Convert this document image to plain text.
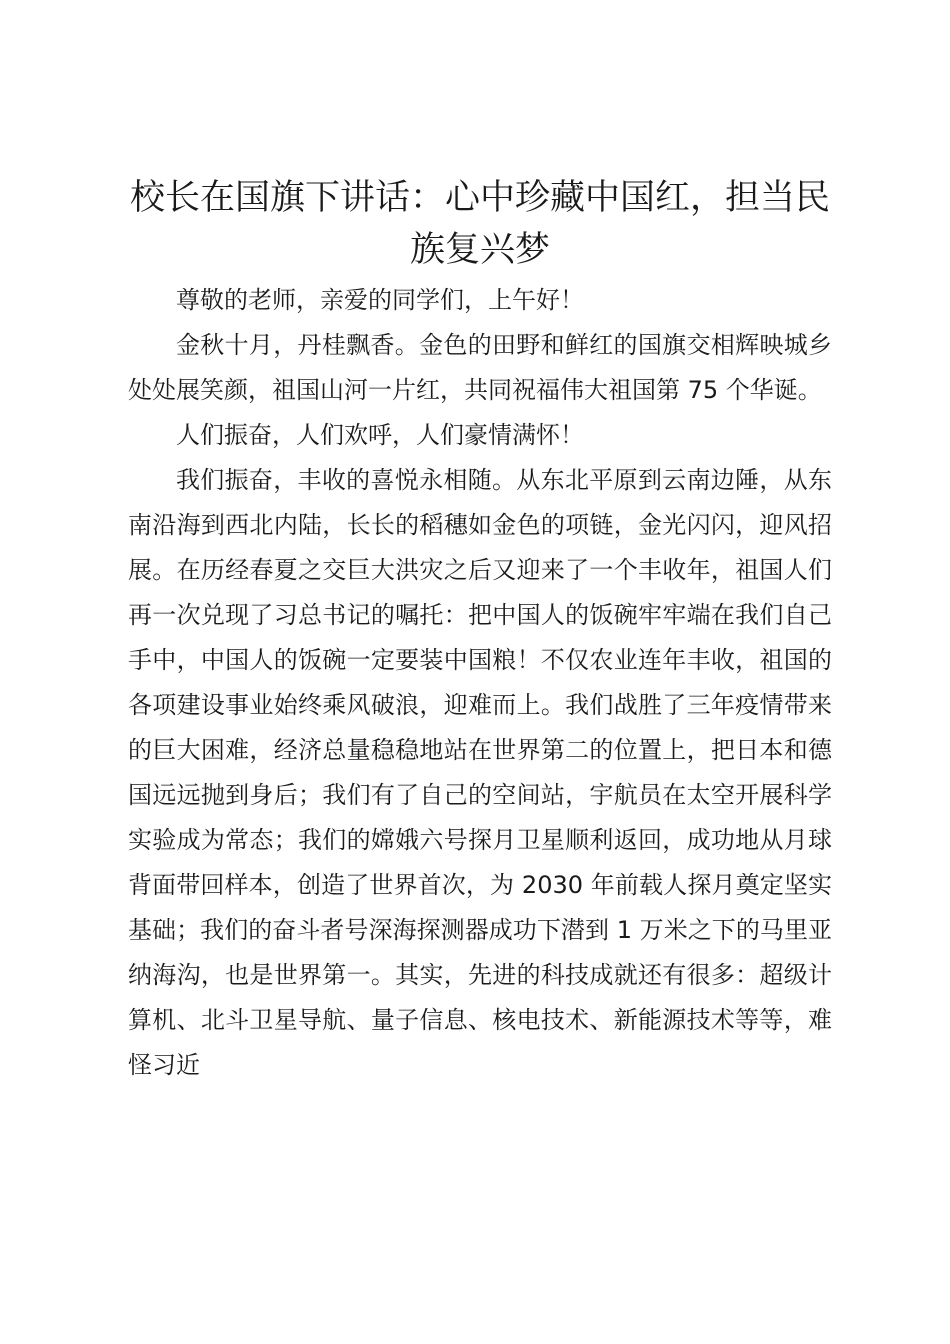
校长在国旗下讲话：心中珍藏中国红，担当民族复兴梦

尊敬的老师，亲爱的同学们，上午好！

金秋十月，丹桂飘香。金色的田野和鲜红的国旗交相辉映城乡处处展笑颜，祖国山河一片红，共同祝福伟大祖国第 75 个华诞。

人们振奋，人们欢呼，人们豪情满怀！

我们振奋，丰收的喜悦永相随。从东北平原到云南边陲，从东南沿海到西北内陆，长长的稻穗如金色的项链，金光闪闪，迎风招展。在历经春夏之交巨大洪灾之后又迎来了一个丰收年，祖国人们再一次兑现了习总书记的嘱托：把中国人的饭碗牢牢端在我们自己手中，中国人的饭碗一定要装中国粮！不仅农业连年丰收，祖国的各项建设事业始终乘风破浪，迎难而上。我们战胜了三年疫情带来的巨大困难，经济总量稳稳地站在世界第二的位置上，把日本和德国远远抛到身后；我们有了自己的空间站，宇航员在太空开展科学实验成为常态；我们的嫦娥六号探月卫星顺利返回，成功地从月球背面带回样本，创造了世界首次，为 2030 年前载人探月奠定坚实基础；我们的奋斗者号深海探测器成功下潜到 1 万米之下的马里亚纳海沟，也是世界第一。其实，先进的科技成就还有很多：超级计算机、北斗卫星导航、量子信息、核电技术、新能源技术等等，难怪习近
